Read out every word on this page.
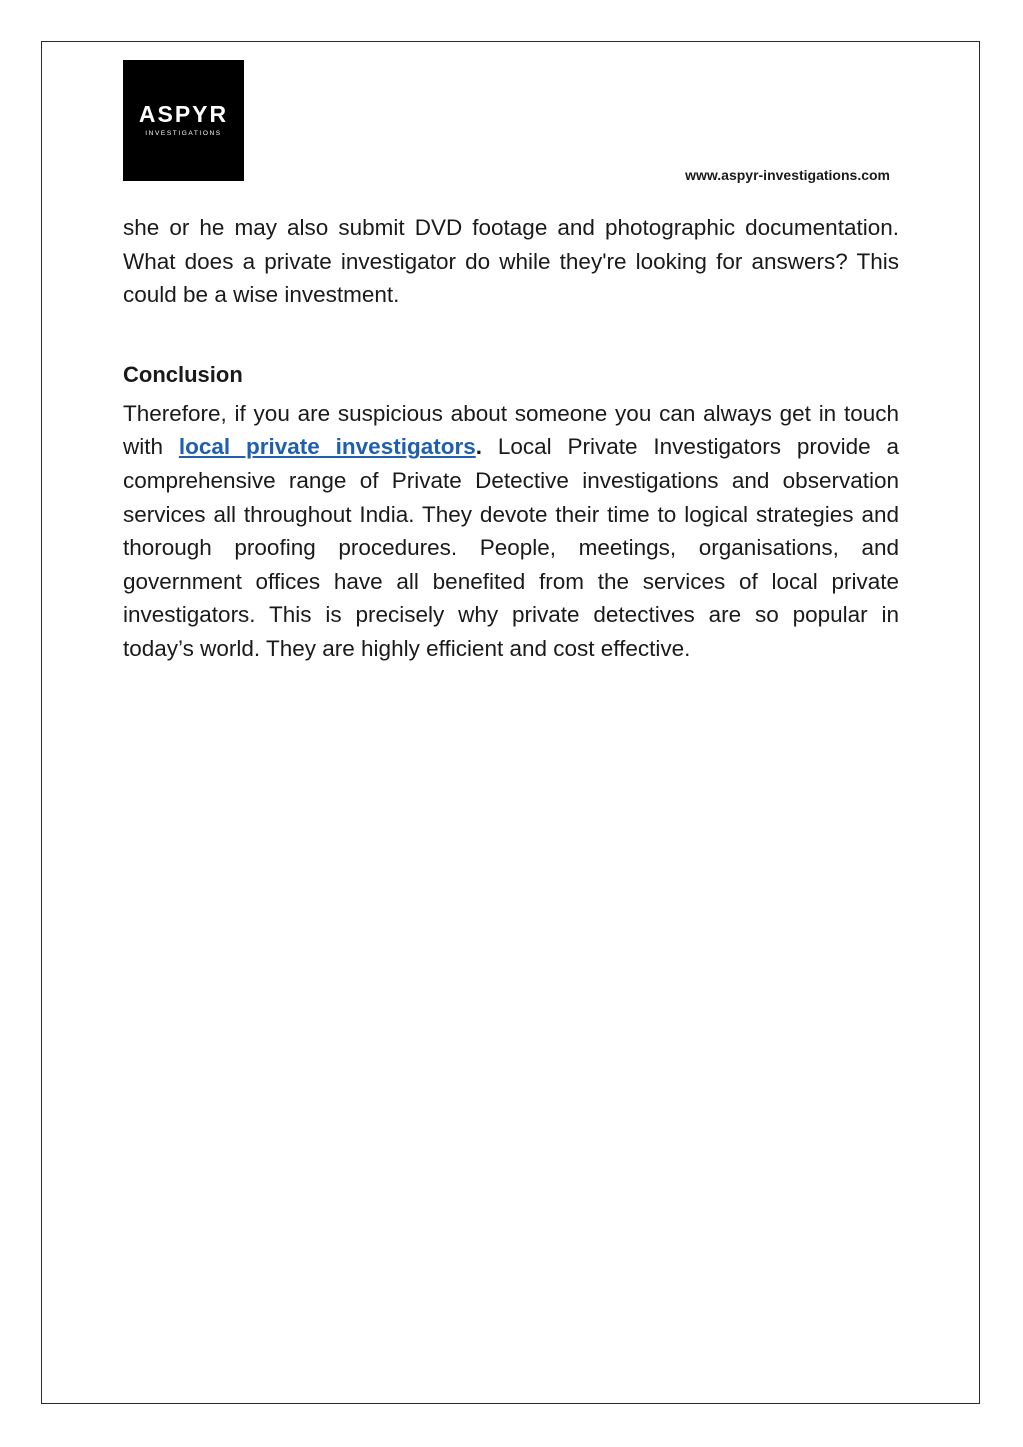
ASPYR
INVESTIGATIONS
www.aspyr-investigations.com

she or he may also submit DVD footage and photographic documentation. What does a private investigator do while they're looking for answers? This could be a wise investment.

Conclusion

Therefore, if you are suspicious about someone you can always get in touch with local private investigators. Local Private Investigators provide a comprehensive range of Private Detective investigations and observation services all throughout India. They devote their time to logical strategies and thorough proofing procedures. People, meetings, organisations, and government offices have all benefited from the services of local private investigators. This is precisely why private detectives are so popular in today’s world. They are highly efficient and cost effective.
